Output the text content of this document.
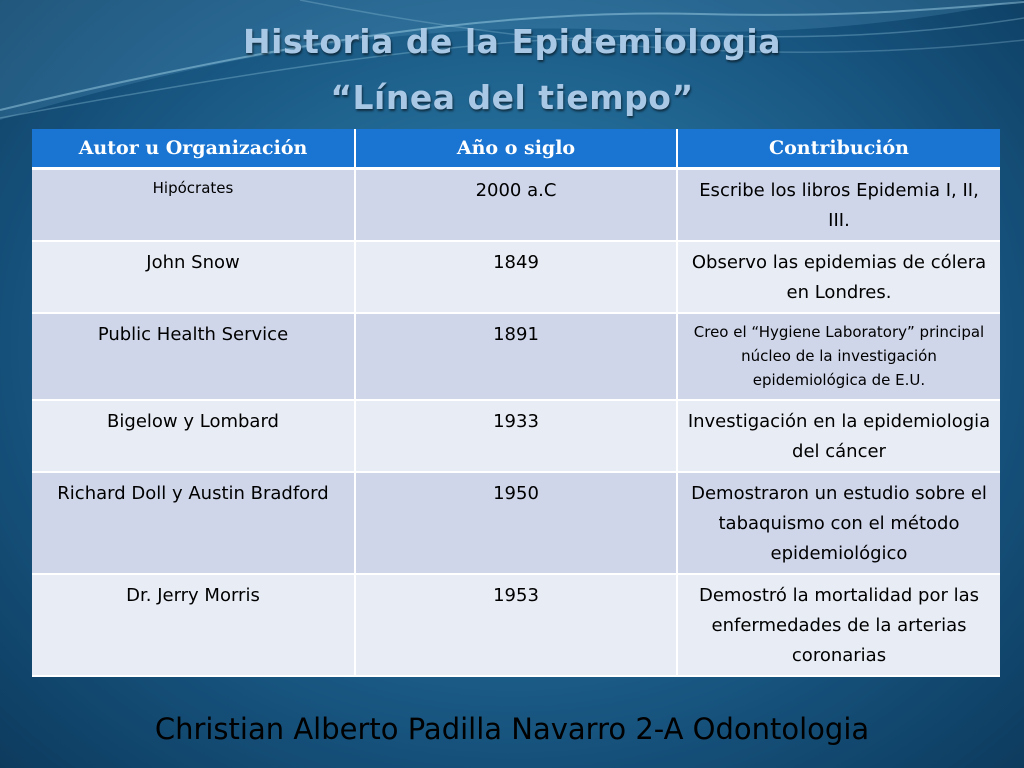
Historia de la Epidemiologia
“Línea del tiempo”
Autor u Organización	Año o siglo	Contribución
Hipócrates	2000 a.C	Escribe los libros Epidemia I, II, III.
John Snow	1849	Observo las epidemias de cólera en Londres.
Public Health Service	1891	Creo el “Hygiene Laboratory” principal núcleo de la investigación epidemiológica de E.U.
Bigelow y Lombard	1933	Investigación en la epidemiologia del cáncer
Richard Doll y Austin Bradford	1950	Demostraron un estudio sobre el tabaquismo con el método epidemiológico
Dr. Jerry Morris	1953	Demostró la mortalidad por las enfermedades de la arterias coronarias

Christian Alberto Padilla Navarro 2-A Odontologia
